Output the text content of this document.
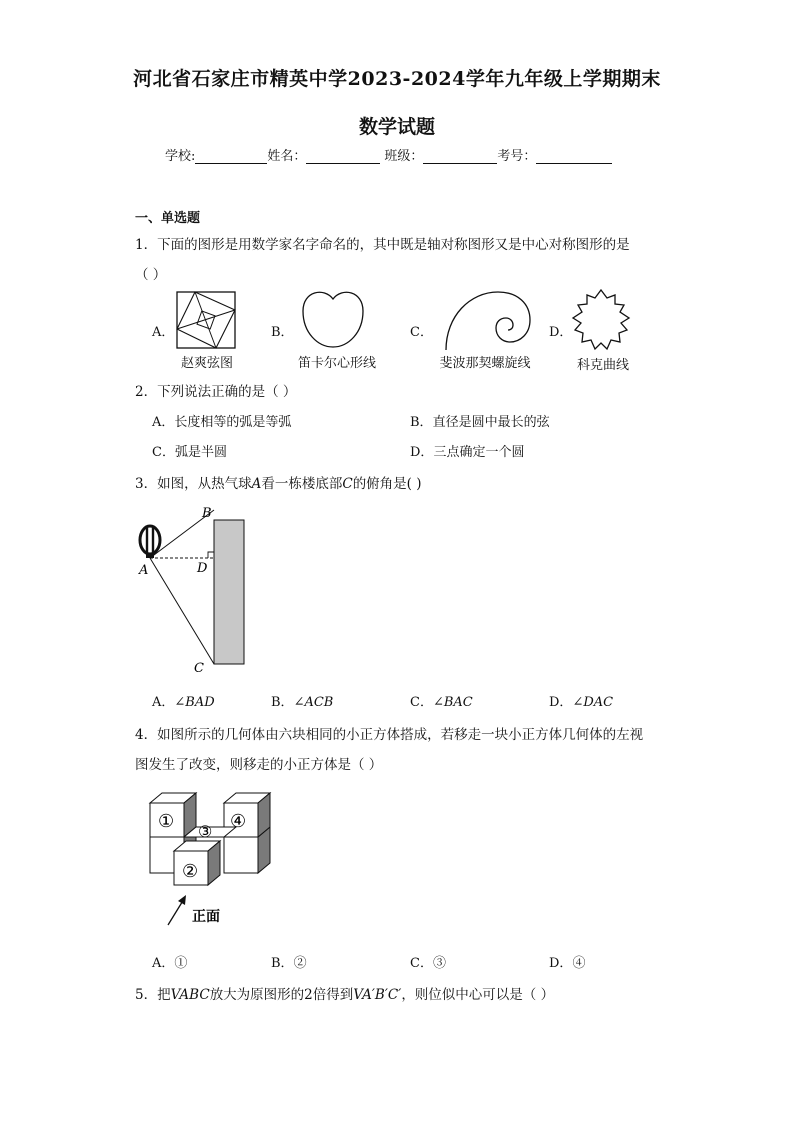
河北省石家庄市精英中学2023-2024学年九年级上学期期末
数学试题
学校:	姓名：	班级：	考号：
一、单选题
1．下面的图形是用数学家名字命名的，其中既是轴对称图形又是中心对称图形的是
（ ）
A．
赵爽弦图
B．
笛卡尔心形线
C．
斐波那契螺旋线
D．
科克曲线
2．下列说法正确的是（ ）
A．长度相等的弧是等弧	B．直径是圆中最长的弦
C．弧是半圆	D．三点确定一个圆
3．如图，从热气球A看一栋楼底部C的俯角是( )
A
B
C
D
A．∠BAD	B．∠ACB	C．∠BAC	D．∠DAC
4．如图所示的几何体由六块相同的小正方体搭成，若移走一块小正方体几何体的左视
图发生了改变，则移走的小正方体是（ ）
①
②
③ ④
正面
A．①	B．②	C．③	D．④
5．把VABC放大为原图形的2倍得到VA′B′C′，则位似中心可以是（ ）
